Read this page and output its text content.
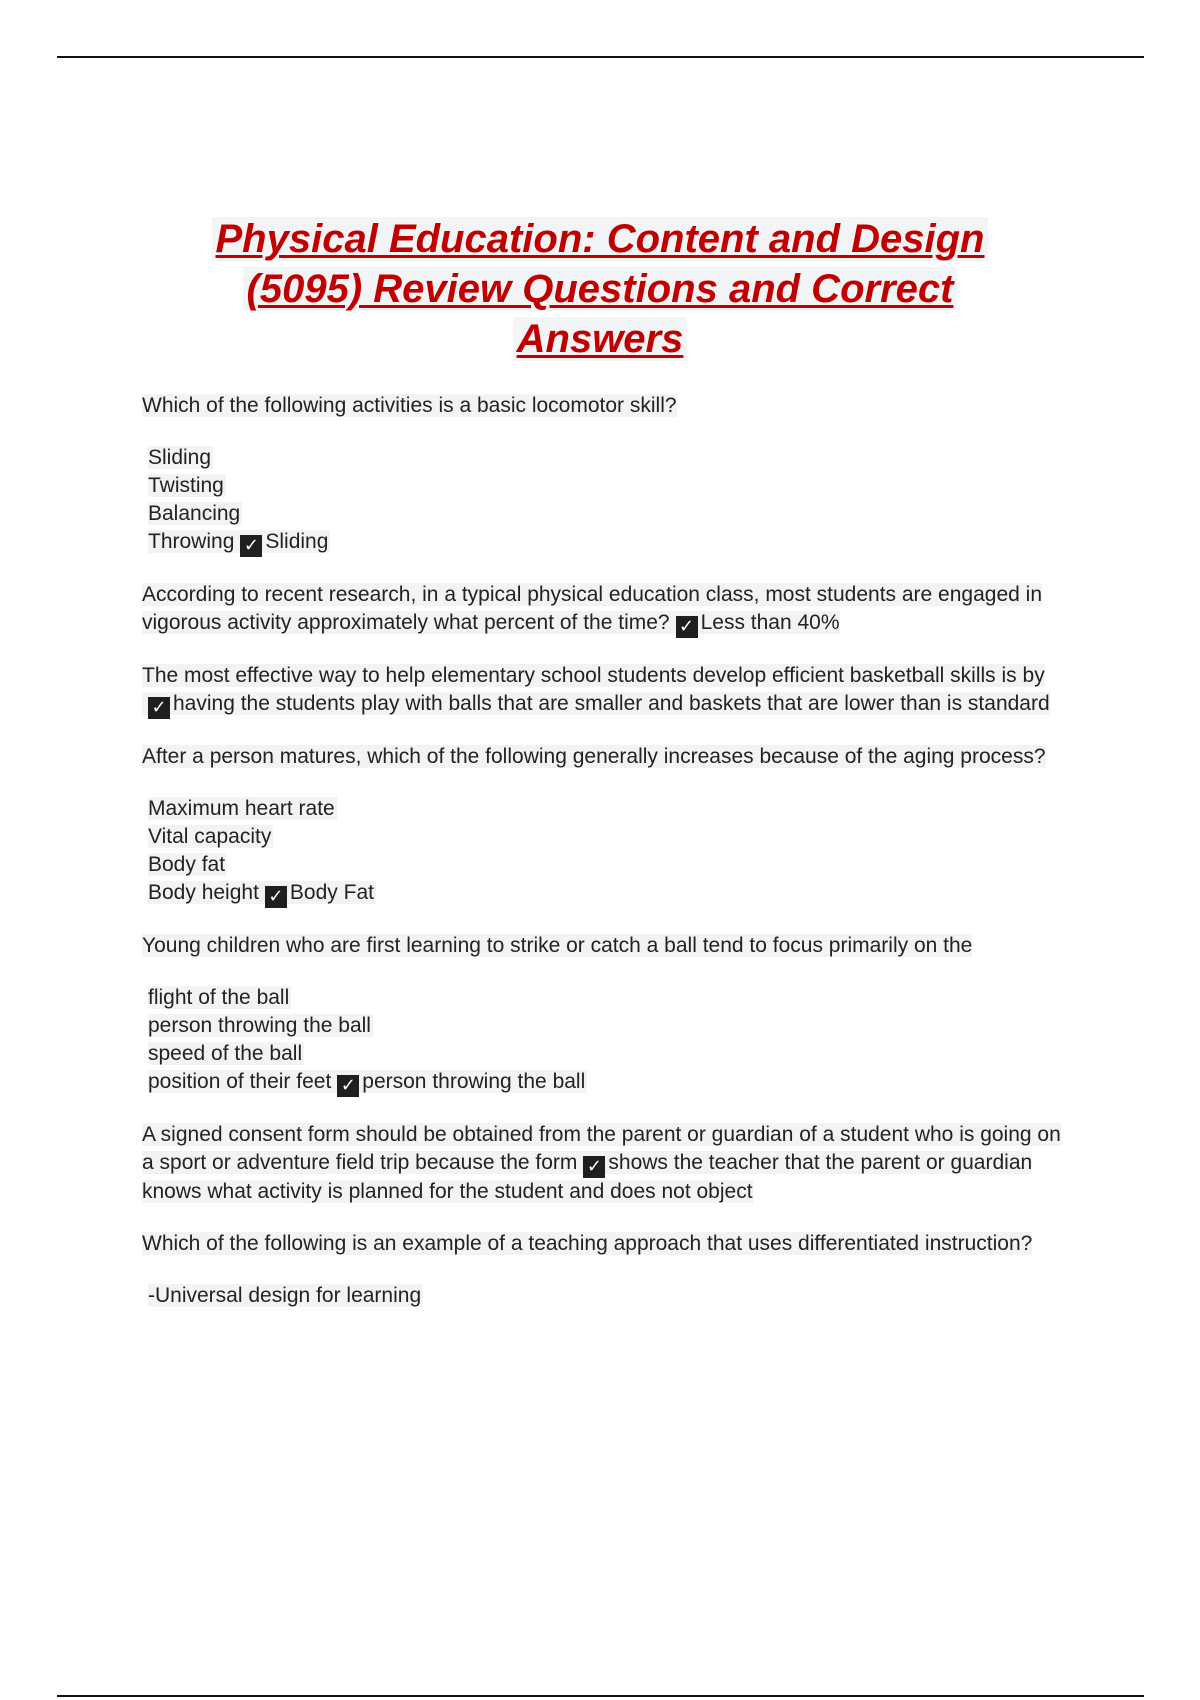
Physical Education: Content and Design
(5095) Review Questions and Correct
Answers

Which of the following activities is a basic locomotor skill?

Sliding
Twisting
Balancing
Throwing ✓ Sliding

According to recent research, in a typical physical education class, most students are engaged in vigorous activity approximately what percent of the time? ✓ Less than 40%

The most effective way to help elementary school students develop efficient basketball skills is by✓ having the students play with balls that are smaller and baskets that are lower than is standard

After a person matures, which of the following generally increases because of the aging process?

Maximum heart rate
Vital capacity
Body fat
Body height ✓ Body Fat

Young children who are first learning to strike or catch a ball tend to focus primarily on the

flight of the ball
person throwing the ball
speed of the ball
position of their feet ✓ person throwing the ball

A signed consent form should be obtained from the parent or guardian of a student who is going on a sport or adventure field trip because the form ✓ shows the teacher that the parent or guardian knows what activity is planned for the student and does not object

Which of the following is an example of a teaching approach that uses differentiated instruction?

-Universal design for learning
